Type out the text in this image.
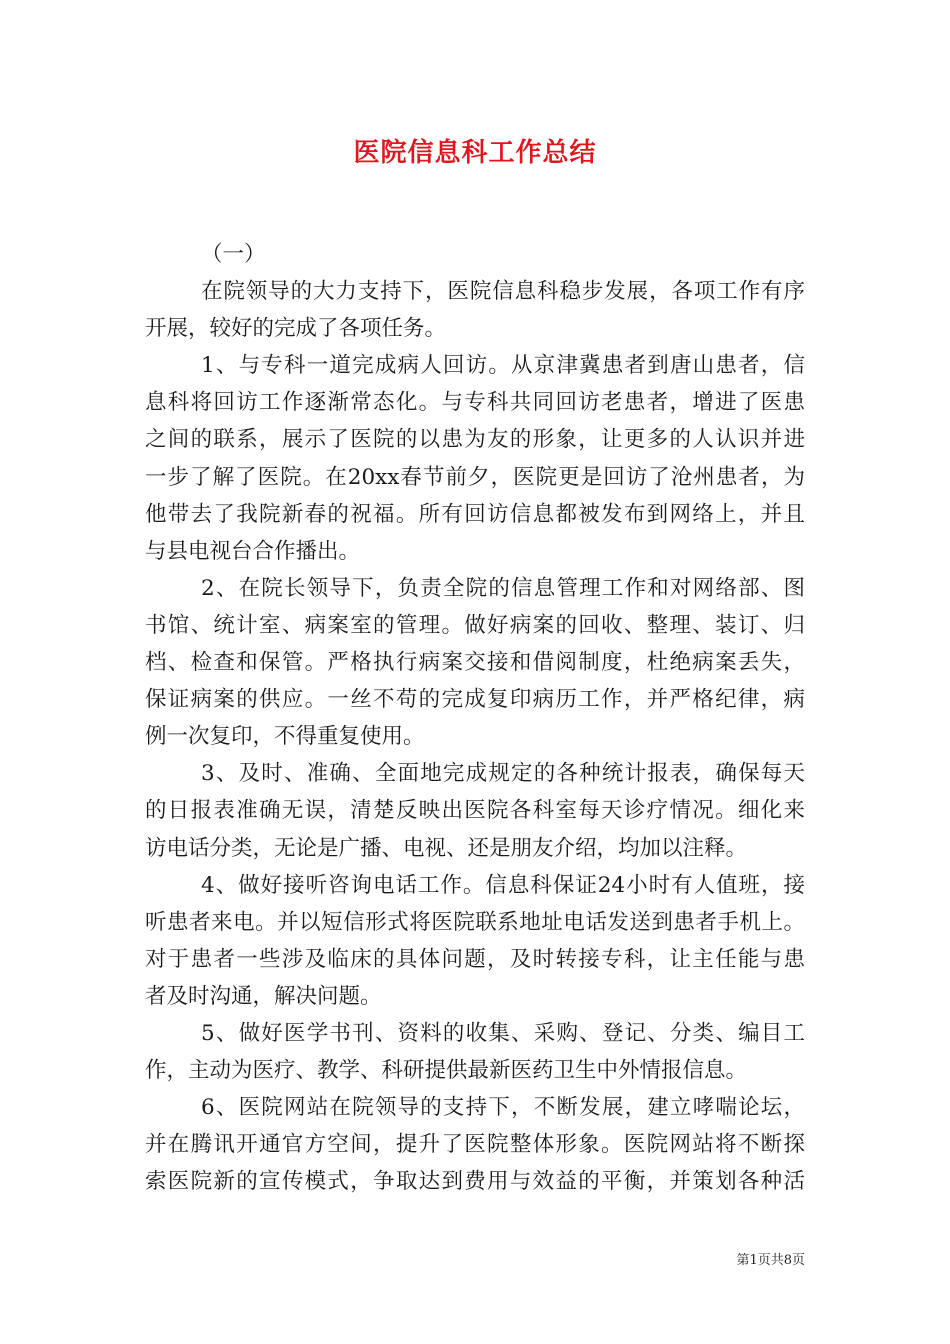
医院信息科工作总结
（一）
在院领导的大力支持下，医院信息科稳步发展，各项工作有序
开展，较好的完成了各项任务。
1、与专科一道完成病人回访。从京津冀患者到唐山患者，信
息科将回访工作逐渐常态化。与专科共同回访老患者，增进了医患
之间的联系，展示了医院的以患为友的形象，让更多的人认识并进
一步了解了医院。在20xx春节前夕，医院更是回访了沧州患者，为
他带去了我院新春的祝福。所有回访信息都被发布到网络上，并且
与县电视台合作播出。
2、在院长领导下，负责全院的信息管理工作和对网络部、图
书馆、统计室、病案室的管理。做好病案的回收、整理、装订、归
档、检查和保管。严格执行病案交接和借阅制度，杜绝病案丢失，
保证病案的供应。一丝不苟的完成复印病历工作，并严格纪律，病
例一次复印，不得重复使用。
3、及时、准确、全面地完成规定的各种统计报表，确保每天
的日报表准确无误，清楚反映出医院各科室每天诊疗情况。细化来
访电话分类，无论是广播、电视、还是朋友介绍，均加以注释。
4、做好接听咨询电话工作。信息科保证24小时有人值班，接
听患者来电。并以短信形式将医院联系地址电话发送到患者手机上。
对于患者一些涉及临床的具体问题，及时转接专科，让主任能与患
者及时沟通，解决问题。
5、做好医学书刊、资料的收集、采购、登记、分类、编目工
作，主动为医疗、教学、科研提供最新医药卫生中外情报信息。
6、医院网站在院领导的支持下，不断发展，建立哮喘论坛，
并在腾讯开通官方空间，提升了医院整体形象。医院网站将不断探
索医院新的宣传模式，争取达到费用与效益的平衡，并策划各种活
第1页共8页
